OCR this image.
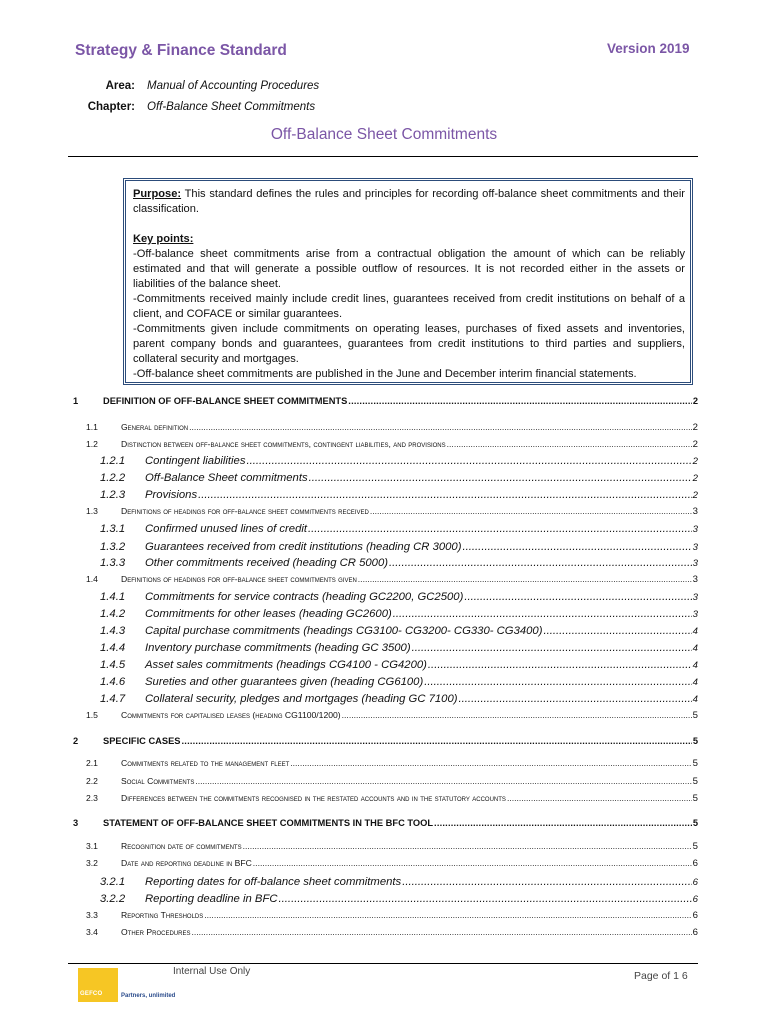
Strategy & Finance Standard	Version 2019
Area: Manual of Accounting Procedures
Chapter: Off-Balance Sheet Commitments
Off-Balance Sheet Commitments

Purpose: This standard defines the rules and principles for recording off-balance sheet commitments and their classification.

Key points:

-Off-balance sheet commitments arise from a contractual obligation the amount of which can be reliably estimated and that will generate a possible outflow of resources. It is not recorded either in the assets or liabilities of the balance sheet.

-Commitments received mainly include credit lines, guarantees received from credit institutions on behalf of a client, and COFACE or similar guarantees.

-Commitments given include commitments on operating leases, purchases of fixed assets and inventories, parent company bonds and guarantees, guarantees from credit institutions to third parties and suppliers, collateral security and mortgages.

-Off-balance sheet commitments are published in the June and December interim financial statements.

1	DEFINITION OF OFF-BALANCE SHEET COMMITMENTS .....	2
1.1	General definition .....	2
1.2	Distinction between off-balance sheet commitments, contingent liabilities, and provisions .....	2
1.2.1	Contingent liabilities .....	2
1.2.2	Off-Balance Sheet commitments .....	2
1.2.3	Provisions .....	2
1.3	Definitions of headings for off-balance sheet commitments received .....	3
1.3.1	Confirmed unused lines of credit .....	3
1.3.2	Guarantees received from credit institutions (heading CR 3000) .....	3
1.3.3	Other commitments received (heading CR 5000) .....	3
1.4	Definitions of headings for off-balance sheet commitments given .....	3
1.4.1	Commitments for service contracts (heading GC2200, GC2500) .....	3
1.4.2	Commitments for other leases (heading GC2600) .....	3
1.4.3	Capital purchase commitments (headings CG3100- CG3200- CG330- CG3400) .....	4
1.4.4	Inventory purchase commitments (heading GC 3500) .....	4
1.4.5	Asset sales commitments (headings CG4100 - CG4200) .....	4
1.4.6	Sureties and other guarantees given (heading CG6100) .....	4
1.4.7	Collateral security, pledges and mortgages (heading GC 7100) .....	4
1.5	Commitments for capitalised leases (heading CG1100/1200) .....	5
2	SPECIFIC CASES .....	5
2.1	Commitments related to the management fleet .....	5
2.2	Social Commitments .....	5
2.3	Differences between the commitments recognised in the restated accounts and in the statutory accounts .....	5
3	STATEMENT OF OFF-BALANCE SHEET COMMITMENTS IN THE BFC TOOL .....	5
3.1	Recognition date of commitments .....	5
3.2	Date and reporting deadline in BFC .....	6
3.2.1	Reporting dates for off-balance sheet commitments .....	6
3.2.2	Reporting deadline in BFC .....	6
3.3	Reporting Thresholds .....	6
3.4	Other Procedures .....	6
GEFCO	Partners, unlimited
Internal Use Only	Page of 1 6
